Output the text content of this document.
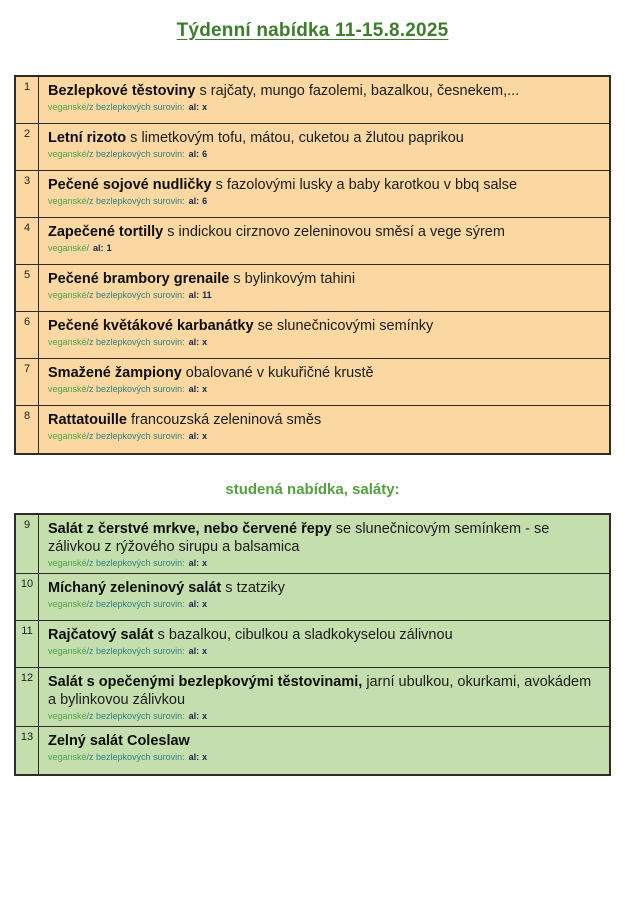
Týdenní nabídka 11-15.8.2025
1	Bezlepkové těstoviny s rajčaty, mungo fazolemi, bazalkou, česnekem,...
veganské/z bezlepkových surovin: al: x
2	Letní rizoto s limetkovým tofu, mátou, cuketou a žlutou paprikou
veganské/z bezlepkových surovin: al: 6
3	Pečené sojové nudličky s fazolovými lusky a baby karotkou v bbq salse
veganské/z bezlepkových surovin: al: 6
4	Zapečené tortilly s indickou cirznovo zeleninovou směsí a vege sýrem
veganské/ al: 1
5	Pečené brambory grenaile s bylinkovým tahini
veganské/z bezlepkových surovin: al: 11
6	Pečené květákové karbanátky se slunečnicovými semínky
veganské/z bezlepkových surovin: al: x
7	Smažené žampiony obalované v kukuřičné krustě
veganské/z bezlepkových surovin: al: x
8	Rattatouille francouzská zeleninová směs
veganské/z bezlepkových surovin: al: x
studená nabídka, saláty:
9	Salát z čerstvé mrkve, nebo červené řepy se slunečnicovým semínkem - se zálivkou z rýžového sirupu a balsamica
veganské/z bezlepkových surovin: al: x
10	Míchaný zeleninový salát s tzatziky
veganské/z bezlepkových surovin: al: x
11	Rajčatový salát s bazalkou, cibulkou a sladkokyselou zálivnou
veganské/z bezlepkových surovin: al: x
12	Salát s opečenými bezlepkovými těstovinami, jarní ubulkou, okurkami, avokádem a bylinkovou zálivkou
veganské/z bezlepkových surovin: al: x
13	Zelný salát Coleslaw
veganské/z bezlepkových surovin: al: x
